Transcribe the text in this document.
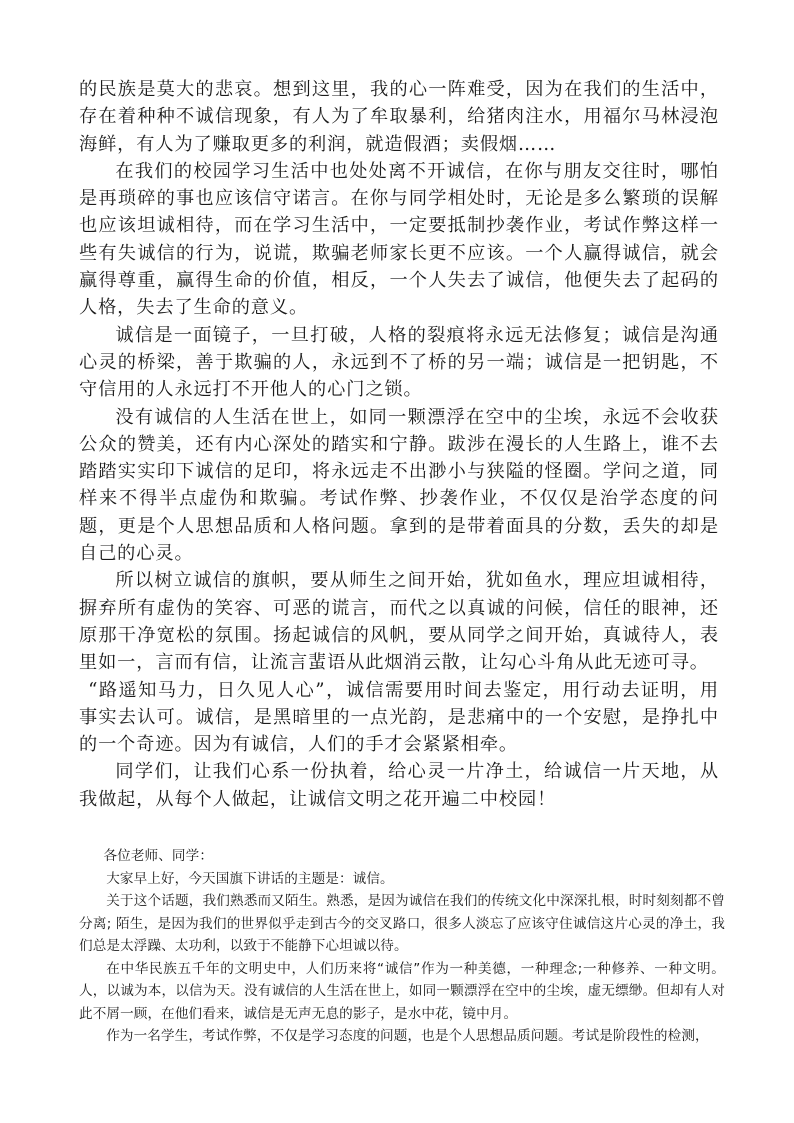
的民族是莫大的悲哀。想到这里，我的心一阵难受，因为在我们的生活中，存在着种种不诚信现象，有人为了牟取暴利，给猪肉注水，用福尔马林浸泡海鲜，有人为了赚取更多的利润，就造假酒；卖假烟……

在我们的校园学习生活中也处处离不开诚信，在你与朋友交往时，哪怕是再琐碎的事也应该信守诺言。在你与同学相处时，无论是多么繁琐的误解也应该坦诚相待，而在学习生活中，一定要抵制抄袭作业，考试作弊这样一些有失诚信的行为，说谎，欺骗老师家长更不应该。一个人赢得诚信，就会赢得尊重，赢得生命的价值，相反，一个人失去了诚信，他便失去了起码的人格，失去了生命的意义。

诚信是一面镜子，一旦打破，人格的裂痕将永远无法修复；诚信是沟通心灵的桥梁，善于欺骗的人，永远到不了桥的另一端；诚信是一把钥匙，不守信用的人永远打不开他人的心门之锁。

没有诚信的人生活在世上，如同一颗漂浮在空中的尘埃，永远不会收获公众的赞美，还有内心深处的踏实和宁静。跋涉在漫长的人生路上，谁不去踏踏实实印下诚信的足印，将永远走不出渺小与狭隘的怪圈。学问之道，同样来不得半点虚伪和欺骗。考试作弊、抄袭作业，不仅仅是治学态度的问题，更是个人思想品质和人格问题。拿到的是带着面具的分数，丢失的却是自己的心灵。

所以树立诚信的旗帜，要从师生之间开始，犹如鱼水，理应坦诚相待，摒弃所有虚伪的笑容、可恶的谎言，而代之以真诚的问候，信任的眼神，还原那干净宽松的氛围。扬起诚信的风帆，要从同学之间开始，真诚待人，表里如一，言而有信，让流言蜚语从此烟消云散，让勾心斗角从此无迹可寻。

“路遥知马力，日久见人心”，诚信需要用时间去鉴定，用行动去证明，用事实去认可。诚信，是黑暗里的一点光韵，是悲痛中的一个安慰，是挣扎中的一个奇迹。因为有诚信，人们的手才会紧紧相牵。

同学们，让我们心系一份执着，给心灵一片净土，给诚信一片天地，从我做起，从每个人做起，让诚信文明之花开遍二中校园！

各位老师、同学：

大家早上好，今天国旗下讲话的主题是：诚信。

关于这个话题，我们熟悉而又陌生。熟悉，是因为诚信在我们的传统文化中深深扎根，时时刻刻都不曾分离; 陌生，是因为我们的世界似乎走到古今的交叉路口，很多人淡忘了应该守住诚信这片心灵的净土，我们总是太浮躁、太功利，以致于不能静下心坦诚以待。

在中华民族五千年的文明史中，人们历来将“诚信”作为一种美德，一种理念;一种修养、一种文明。人，以诚为本，以信为天。没有诚信的人生活在世上，如同一颗漂浮在空中的尘埃，虚无缥缈。但却有人对此不屑一顾，在他们看来，诚信是无声无息的影子，是水中花，镜中月。

作为一名学生，考试作弊，不仅是学习态度的问题，也是个人思想品质问题。考试是阶段性的检测，
